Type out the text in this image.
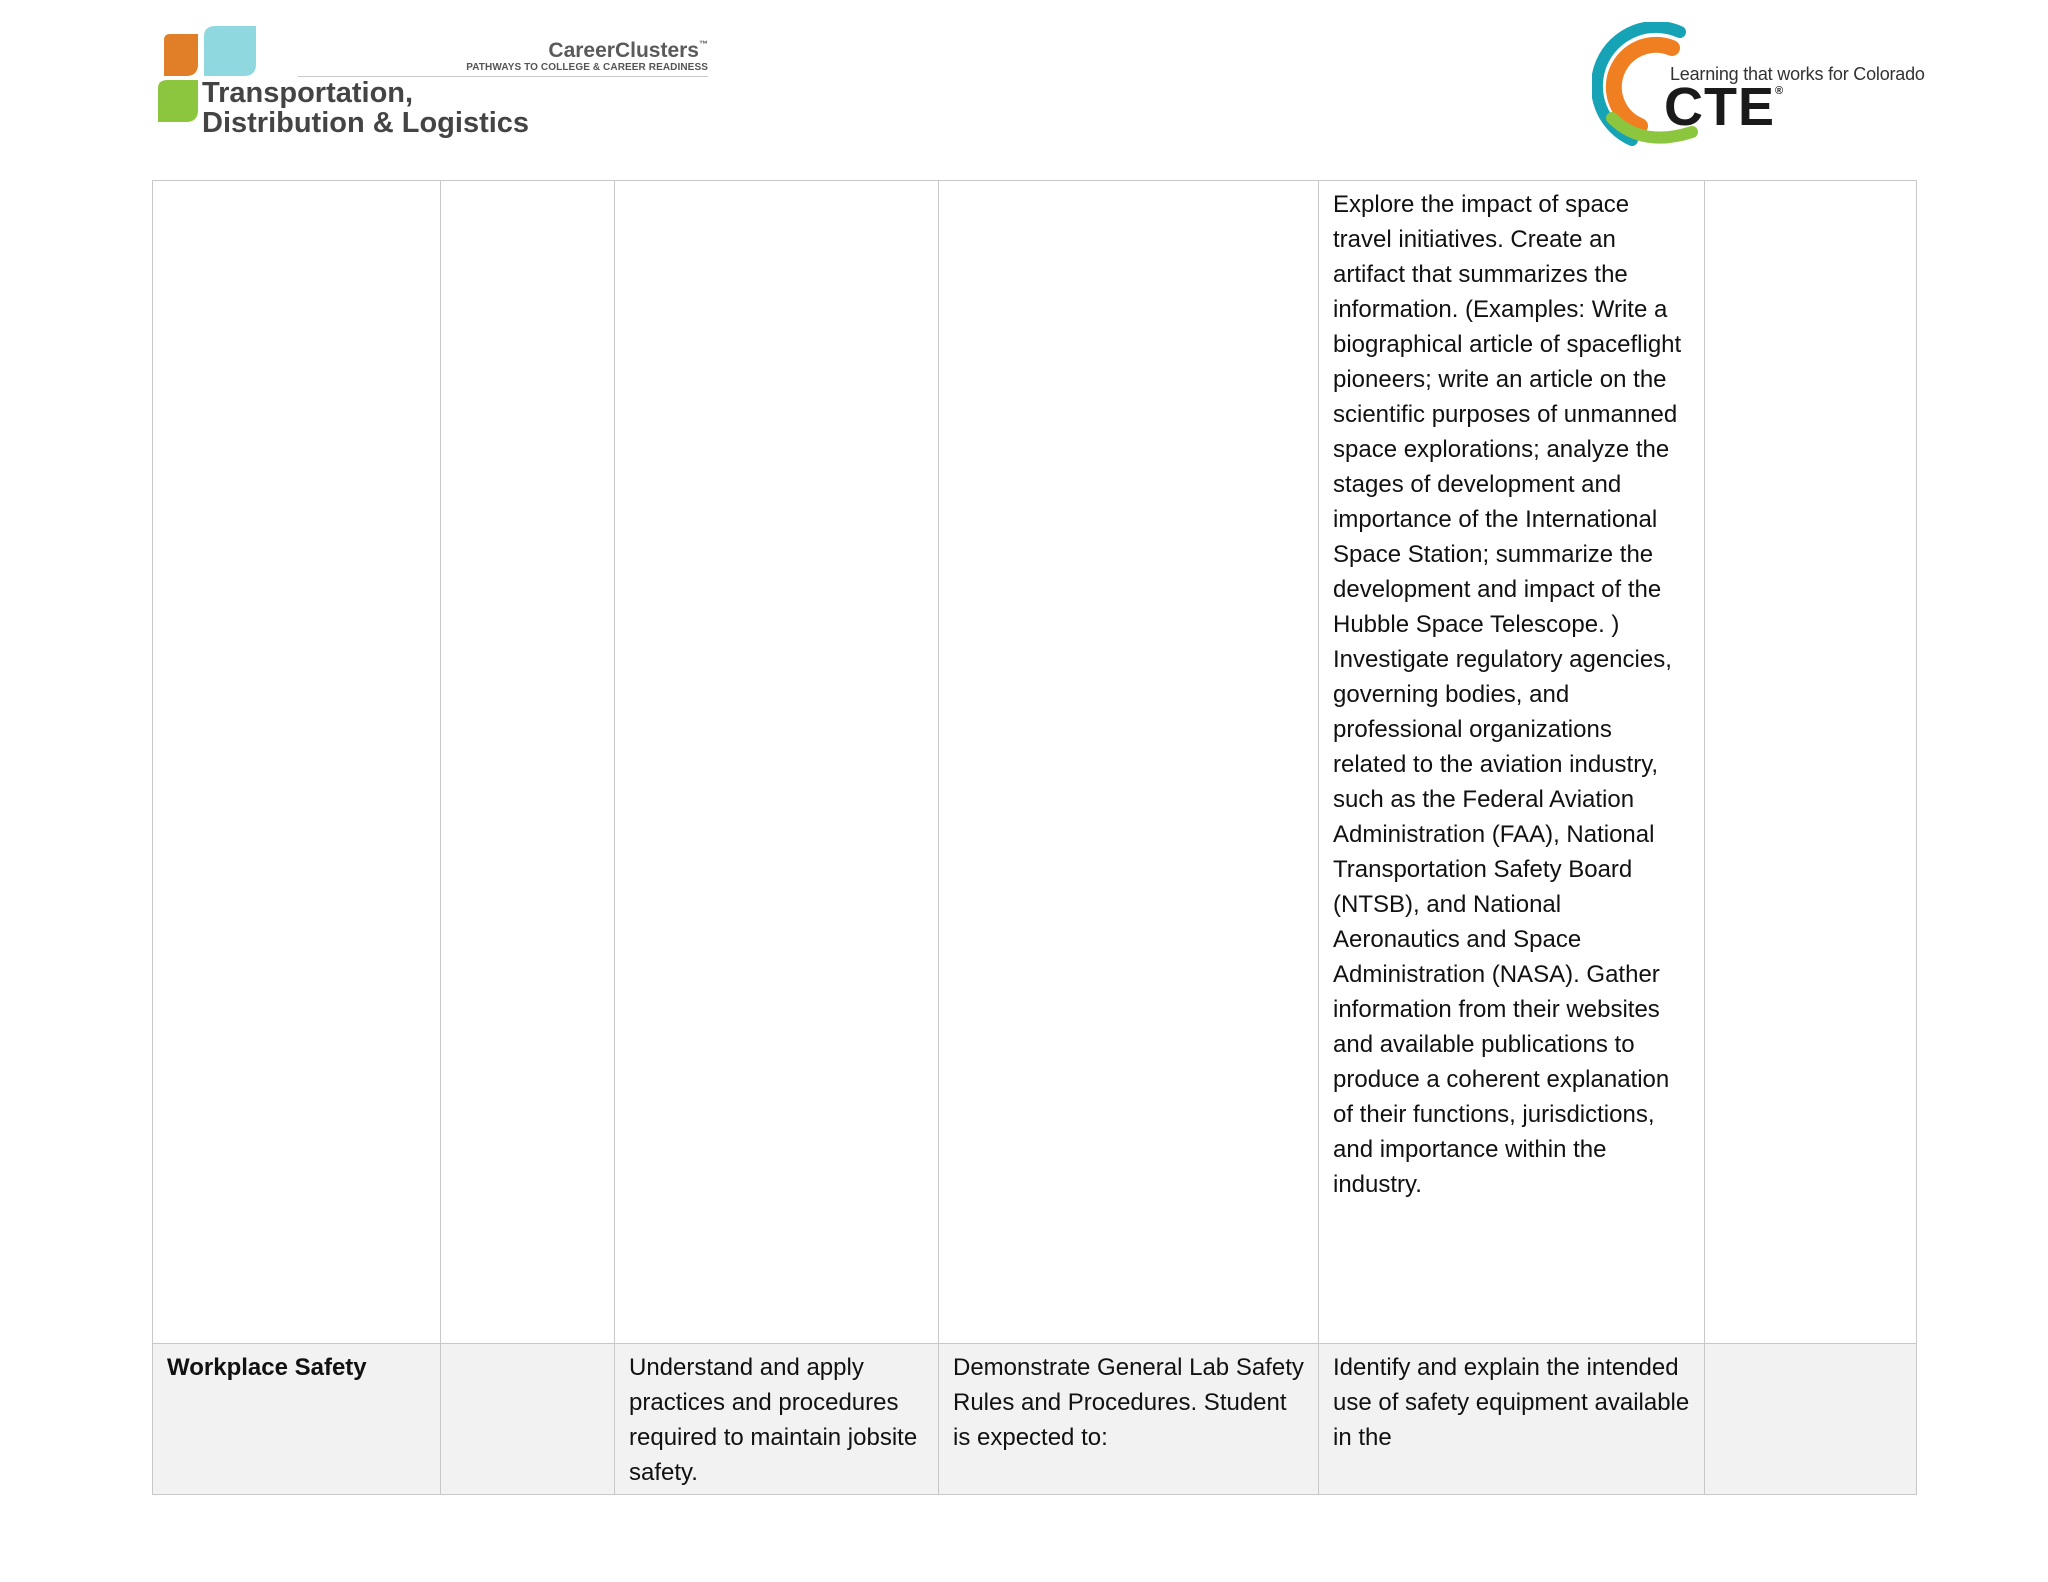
CareerClusters™
PATHWAYS TO COLLEGE & CAREER READINESS
Transportation,
Distribution & Logistics
Learning that works for Colorado
CTE®

				Explore the impact of space travel initiatives. Create an artifact that summarizes the information. (Examples: Write a biographical article of spaceflight pioneers; write an article on the scientific purposes of unmanned space explorations; analyze the stages of development and importance of the International Space Station; summarize the development and impact of the Hubble Space Telescope. )
Investigate regulatory agencies, governing bodies, and professional organizations related to the aviation industry, such as the Federal Aviation Administration (FAA), National Transportation Safety Board (NTSB), and National Aeronautics and Space Administration (NASA). Gather information from their websites and available publications to produce a coherent explanation of their functions, jurisdictions, and importance within the industry.	

Workplace Safety		Understand and apply practices and procedures required to maintain jobsite safety.	Demonstrate General Lab Safety Rules and Procedures. Student is expected to:	Identify and explain the intended use of safety equipment available in the	
